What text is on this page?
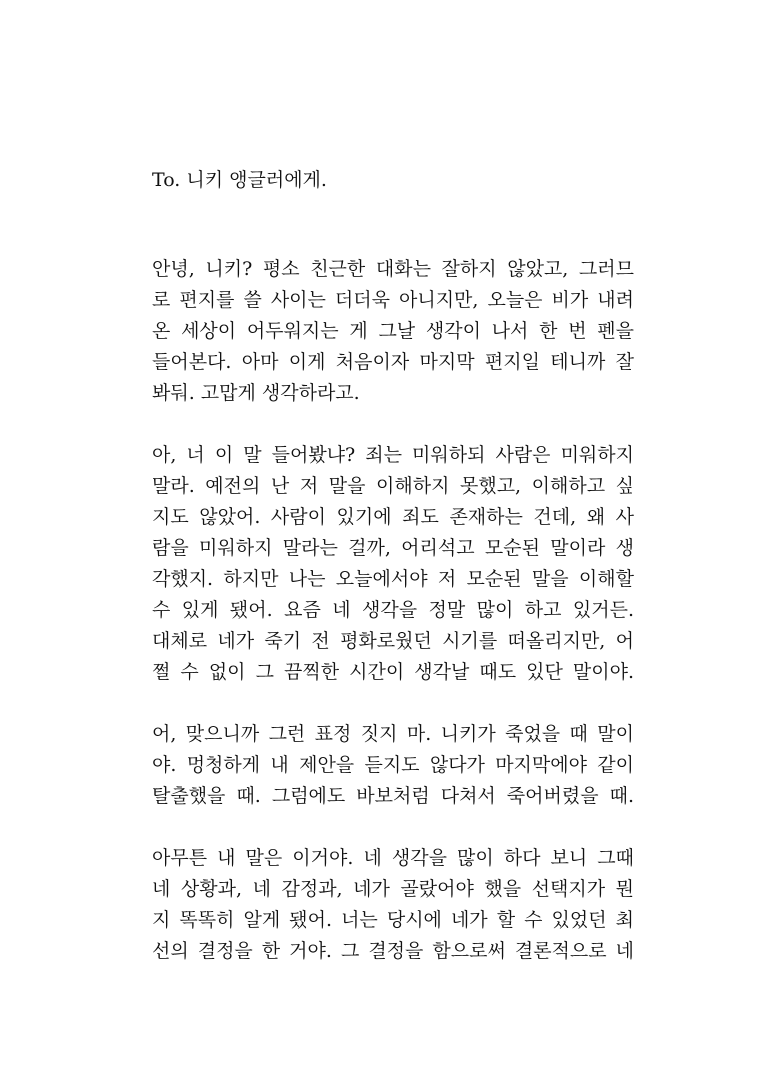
To. 니키 앵글러에게.

안녕, 니키? 평소 친근한 대화는 잘하지 않았고, 그러므
로 편지를 쓸 사이는 더더욱 아니지만, 오늘은 비가 내려
온 세상이 어두워지는 게 그날 생각이 나서 한 번 펜을
들어본다. 아마 이게 처음이자 마지막 편지일 테니까 잘
봐둬. 고맙게 생각하라고.
아, 너 이 말 들어봤냐? 죄는 미워하되 사람은 미워하지
말라. 예전의 난 저 말을 이해하지 못했고, 이해하고 싶
지도 않았어. 사람이 있기에 죄도 존재하는 건데, 왜 사
람을 미워하지 말라는 걸까, 어리석고 모순된 말이라 생
각했지. 하지만 나는 오늘에서야 저 모순된 말을 이해할
수 있게 됐어. 요즘 네 생각을 정말 많이 하고 있거든.
대체로 네가 죽기 전 평화로웠던 시기를 떠올리지만, 어
쩔 수 없이 그 끔찍한 시간이 생각날 때도 있단 말이야.
어, 맞으니까 그런 표정 짓지 마. 니키가 죽었을 때 말이
야. 멍청하게 내 제안을 듣지도 않다가 마지막에야 같이
탈출했을 때. 그럼에도 바보처럼 다쳐서 죽어버렸을 때.
아무튼 내 말은 이거야. 네 생각을 많이 하다 보니 그때
네 상황과, 네 감정과, 네가 골랐어야 했을 선택지가 뭔
지 똑똑히 알게 됐어. 너는 당시에 네가 할 수 있었던 최
선의 결정을 한 거야. 그 결정을 함으로써 결론적으로 네
